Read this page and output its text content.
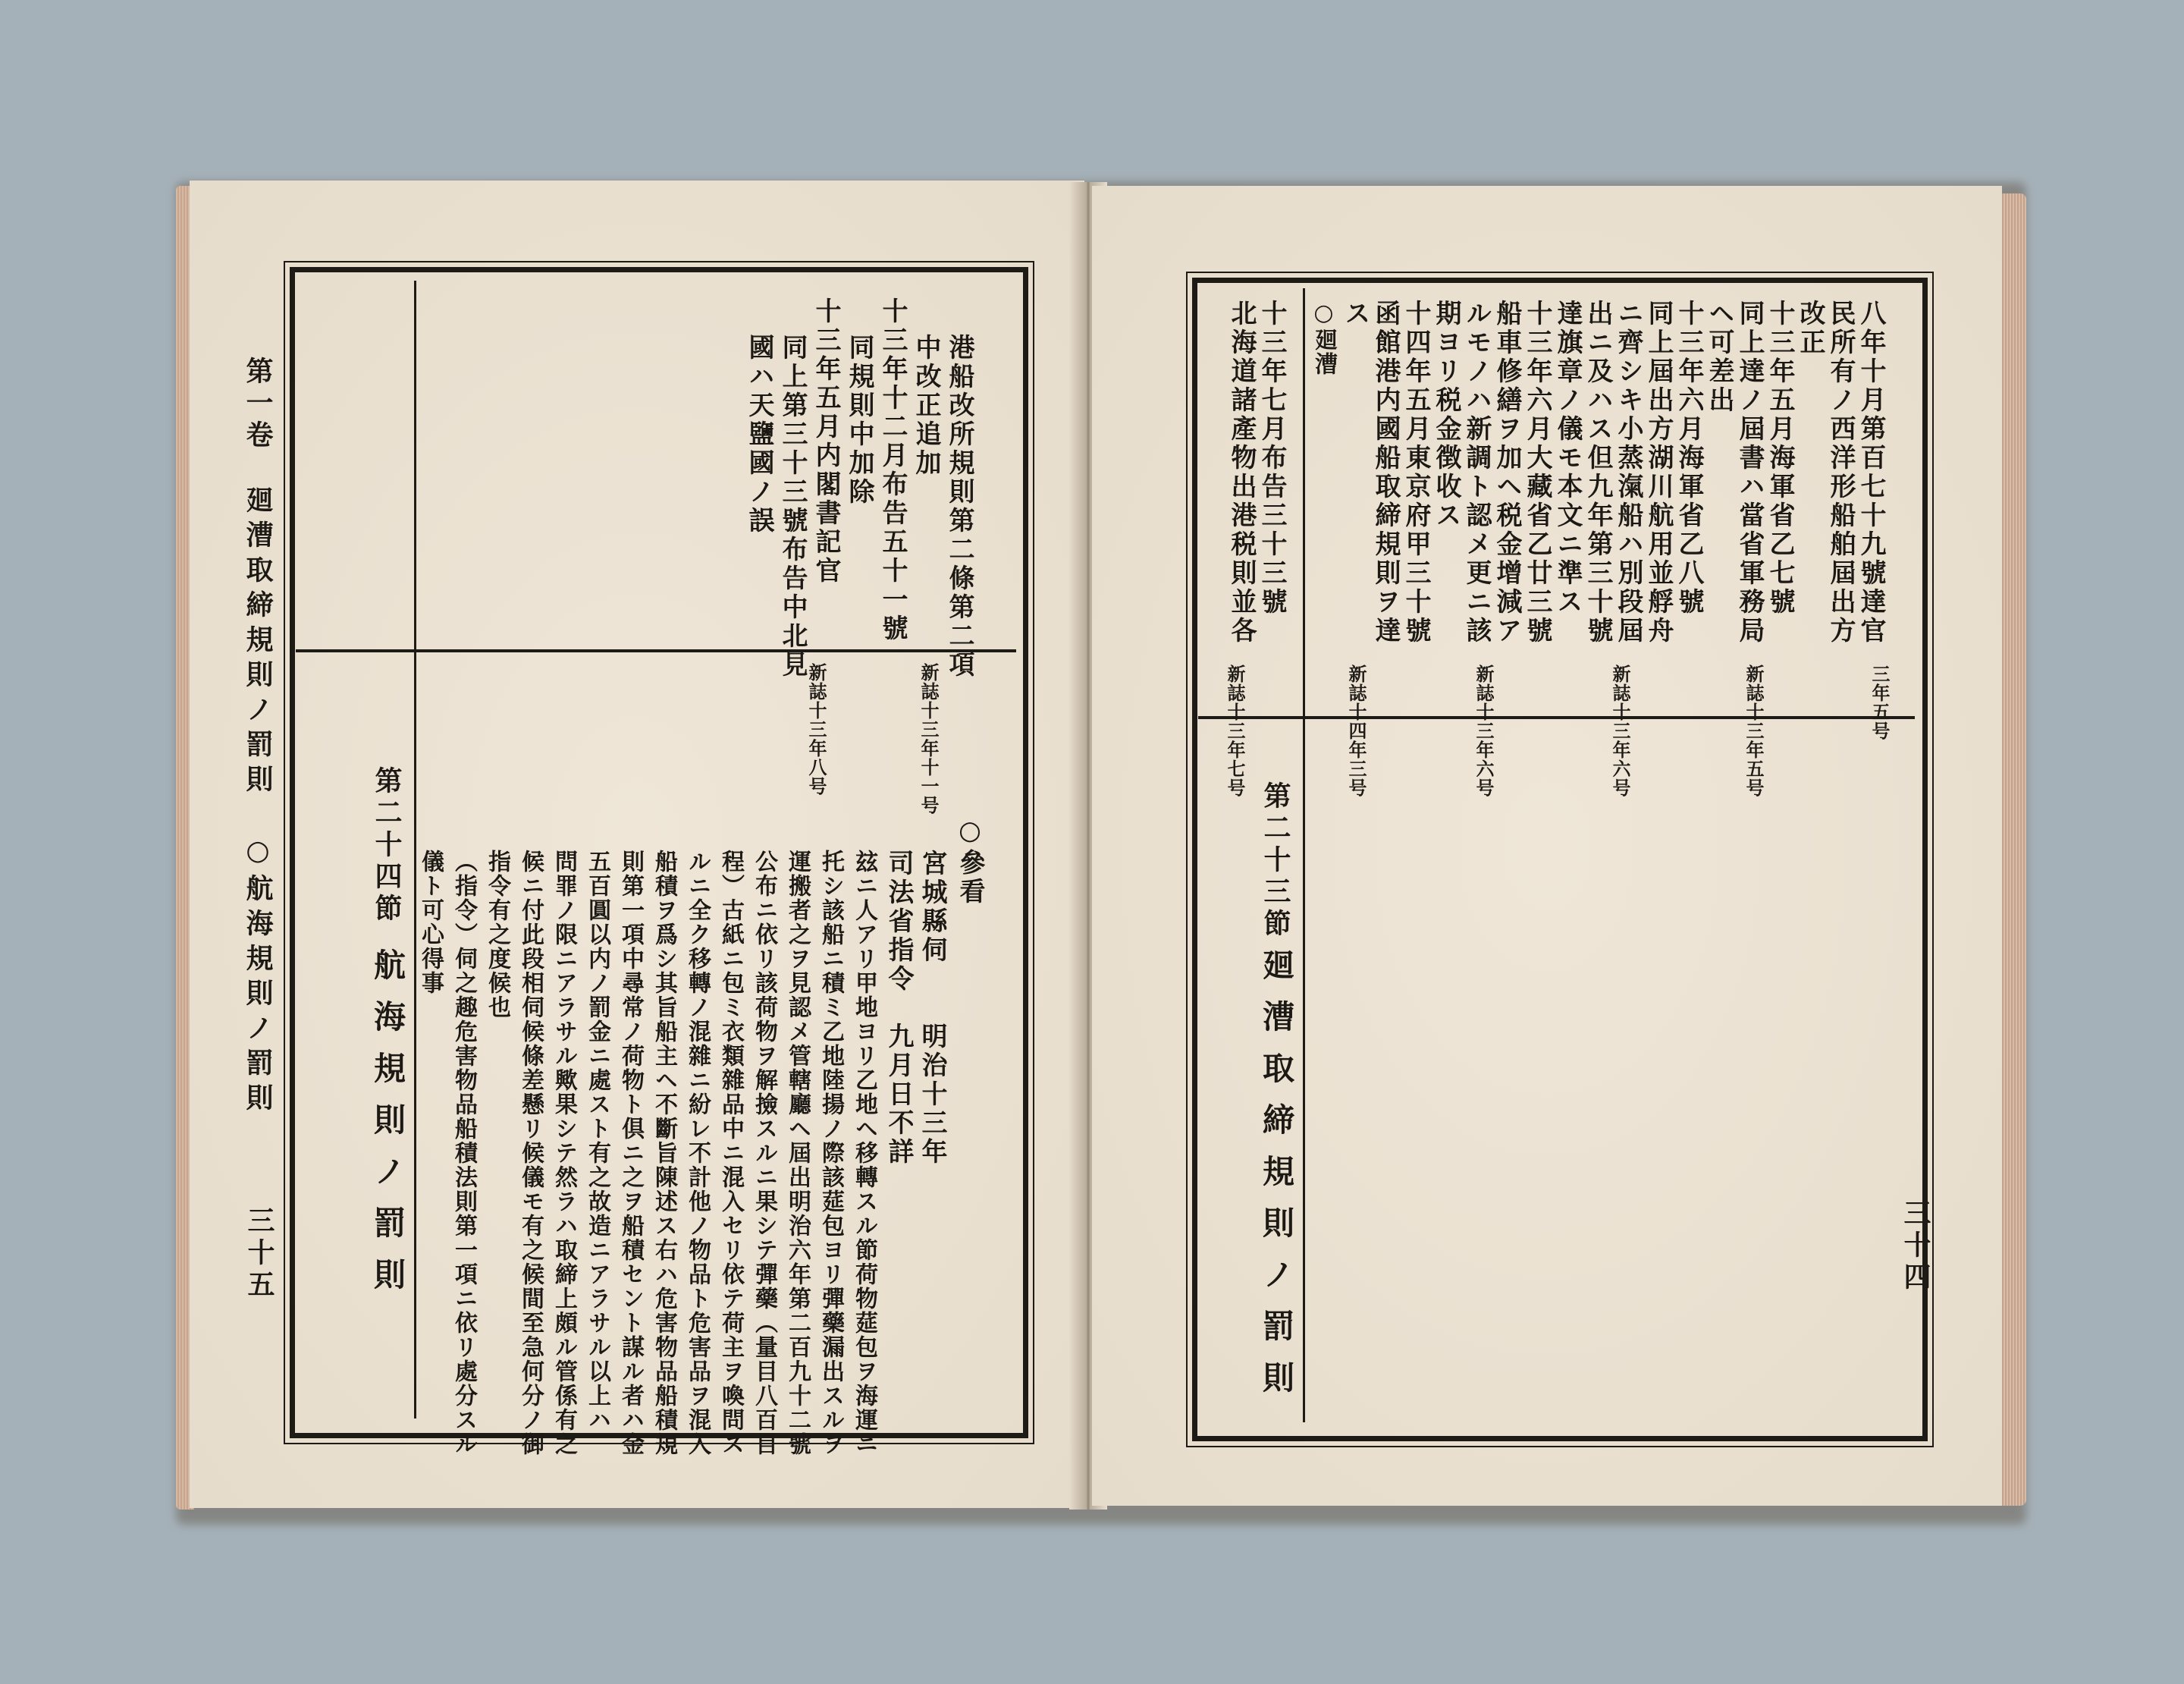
第一卷
廻漕取締規則ノ罰則　○航海規則ノ罰則
三十五
港船改所規則第二條第二項
中改正追加
十三年十二月布告五十一號
同規則中加除
十三年五月内閣書記官
同上第三十三號布告中北見
國ハ天鹽國ノ誤
新誌十三年十一号
新誌十三年八号
○參看
宮城縣伺　　明治十三年
司法省指令　九月日不詳
玆ニ人アリ甲地ヨリ乙地ヘ移轉スル節荷物莚包ヲ海運ニ
托シ該船ニ積ミ乙地陸揚ノ際該莚包ヨリ彈藥漏出スルヲ
運搬者之ヲ見認メ管轄廳ヘ屆出明治六年第二百九十二號
公布ニ依リ該荷物ヲ解撿スルニ果シテ彈藥（量目八百目
程）古紙ニ包ミ衣類雜品中ニ混入セリ依テ荷主ヲ喚問ス
ルニ全ク移轉ノ混雜ニ紛レ不計他ノ物品ト危害品ヲ混入
船積ヲ爲シ其旨船主ヘ不斷旨陳述ス右ハ危害物品船積規
則第一項中尋常ノ荷物ト倶ニ之ヲ船積セント謀ル者ハ金
五百圓以内ノ罰金ニ處スト有之故造ニアラサル以上ハ
問罪ノ限ニアラサル歟果シテ然ラハ取締上頗ル管係有之
候ニ付此段相伺候條差懸リ候儀モ有之候間至急何分ノ御
指令有之度候也
（指令）伺之趣危害物品船積法則第一項ニ依リ處分スル
儀ト可心得事
第二十四節
航海規則ノ罰則	三十四
八年十月第百七十九號達官
民所有ノ西洋形船舶屆出方
改正
十三年五月海軍省乙七號
同上達ノ屆書ハ當省軍務局
ヘ可差出
十三年六月海軍省乙八號
同上屆出方湖川航用並艀舟
ニ齊シキ小蒸滊船ハ別段屆
出ニ及ハス但九年第三十號
達旗章ノ儀モ本文ニ準ス
十三年六月大藏省乙廿三號
船車修繕ヲ加ヘ税金增減ア
ルモノハ新調ト認メ更ニ該
期ヨリ税金徴收ス
十四年五月東京府甲三十號
函館港内國船取締規則ヲ達
ス
○廻漕
十三年七月布告三十三號
北海道諸產物出港税則並各
三年五号
新誌十三年五号
新誌十三年六号
新誌十三年六号
新誌十四年三号
新誌十三年七号
第二十三節
廻漕取締規則ノ罰則
